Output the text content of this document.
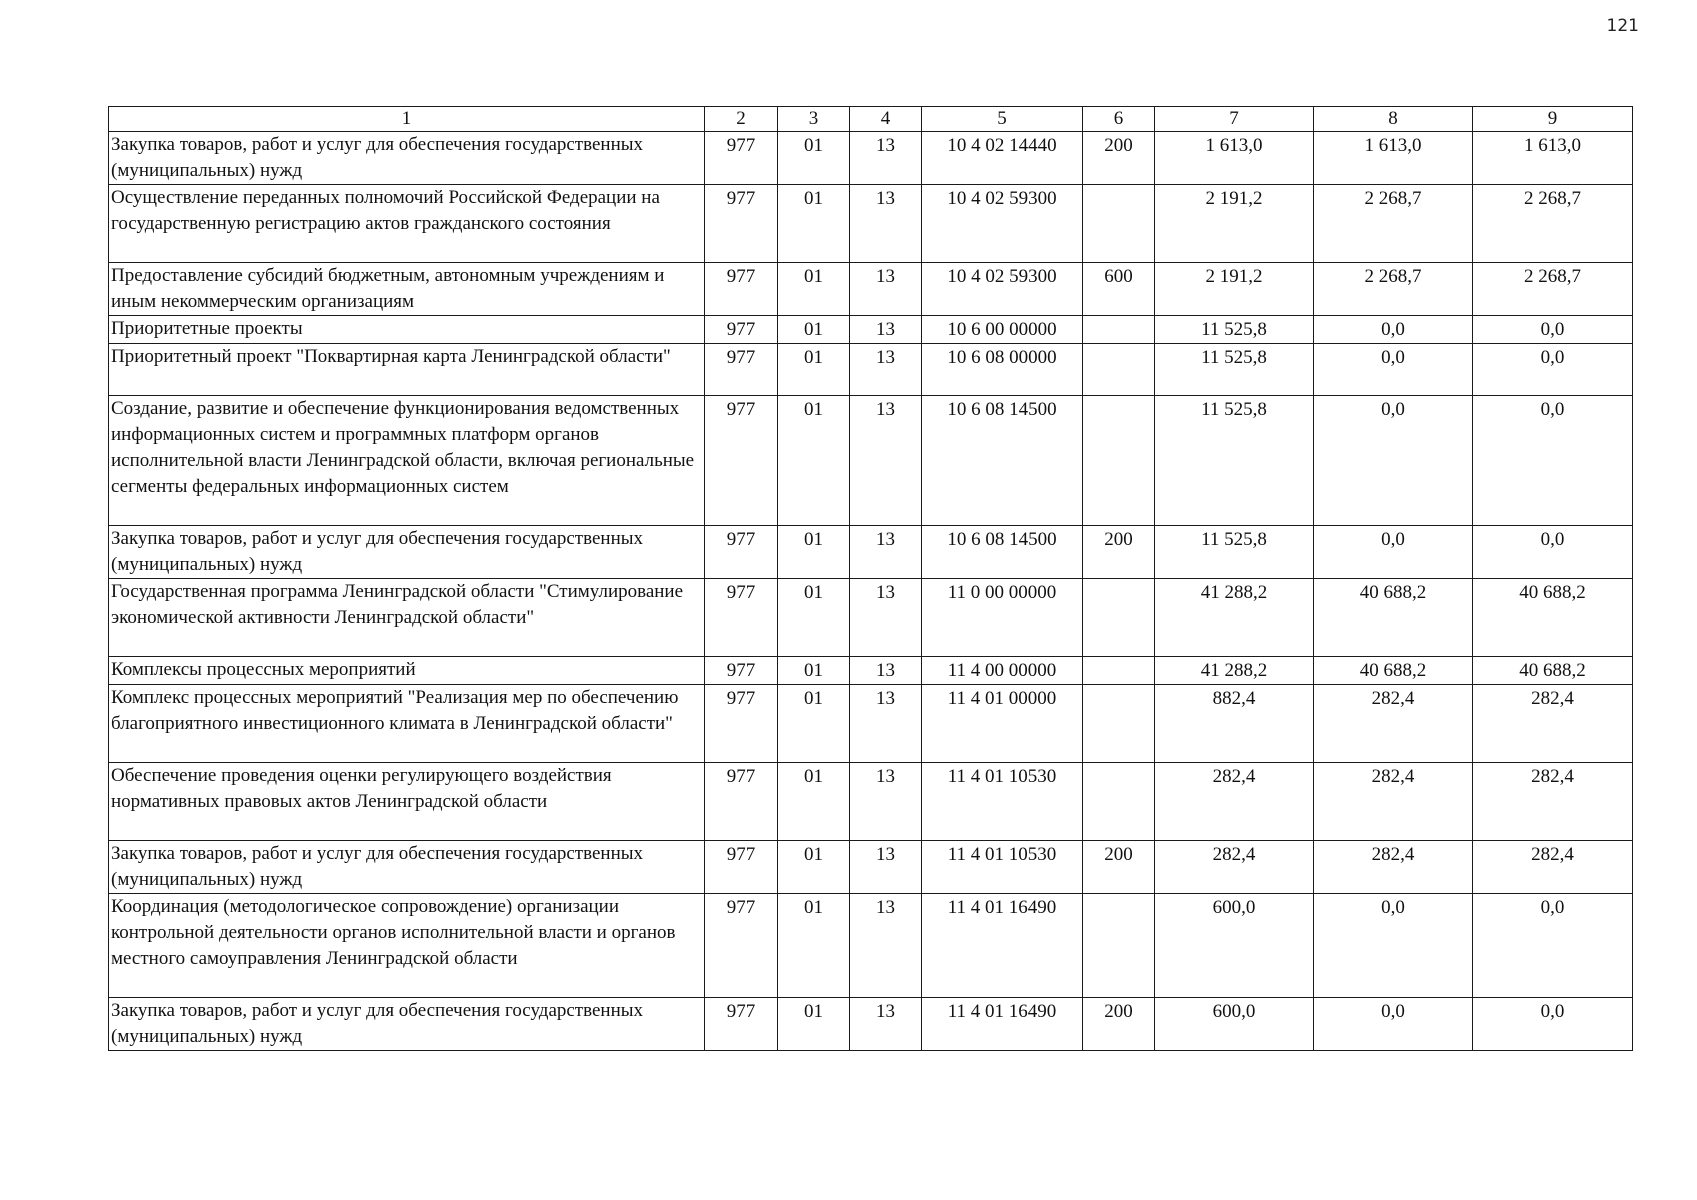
121
1	2	3	4	5	6	7	8	9
Закупка товаров, работ и услуг для обеспечения государственных (муниципальных) нужд	977	01	13	10 4 02 14440	200	1 613,0	1 613,0	1 613,0
Осуществление переданных полномочий Российской Федерации на государственную регистрацию актов гражданского состояния	977	01	13	10 4 02 59300		2 191,2	2 268,7	2 268,7
Предоставление субсидий бюджетным, автономным учреждениям и иным некоммерческим организациям	977	01	13	10 4 02 59300	600	2 191,2	2 268,7	2 268,7
Приоритетные проекты	977	01	13	10 6 00 00000		11 525,8	0,0	0,0
Приоритетный проект "Поквартирная карта Ленинградской области"	977	01	13	10 6 08 00000		11 525,8	0,0	0,0
Создание, развитие и обеспечение функционирования ведомственных информационных систем и программных платформ органов исполнительной власти Ленинградской области, включая региональные сегменты федеральных информационных систем	977	01	13	10 6 08 14500		11 525,8	0,0	0,0
Закупка товаров, работ и услуг для обеспечения государственных (муниципальных) нужд	977	01	13	10 6 08 14500	200	11 525,8	0,0	0,0
Государственная программа Ленинградской области "Стимулирование экономической активности Ленинградской области"	977	01	13	11 0 00 00000		41 288,2	40 688,2	40 688,2
Комплексы процессных мероприятий	977	01	13	11 4 00 00000		41 288,2	40 688,2	40 688,2
Комплекс процессных мероприятий "Реализация мер по обеспечению благоприятного инвестиционного климата в Ленинградской области"	977	01	13	11 4 01 00000		882,4	282,4	282,4
Обеспечение проведения оценки регулирующего воздействия нормативных правовых актов Ленинградской области	977	01	13	11 4 01 10530		282,4	282,4	282,4
Закупка товаров, работ и услуг для обеспечения государственных (муниципальных) нужд	977	01	13	11 4 01 10530	200	282,4	282,4	282,4
Координация (методологическое сопровождение) организации контрольной деятельности органов исполнительной власти и органов местного самоуправления Ленинградской области	977	01	13	11 4 01 16490		600,0	0,0	0,0
Закупка товаров, работ и услуг для обеспечения государственных (муниципальных) нужд	977	01	13	11 4 01 16490	200	600,0	0,0	0,0
